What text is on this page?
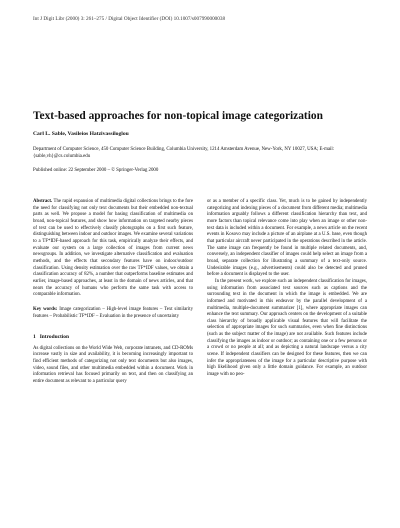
Int J Digit Libr (2000) 3: 261–275 / Digital Object Identifier (DOI) 10.1007/s007990000038
Text-based approaches for non-topical image categorization
Carl L. Sable, Vasileios Hatzivassiloglou
Department of Computer Science, 450 Computer Science Building, Columbia University, 1214 Amsterdam Avenue, New-York, NY 10027, USA; E-mail: {sable,vh}@cs.columbia.edu
Published online: 22 September 2000 – © Springer-Verlag 2000

Abstract. The rapid expansion of multimedia digital collections brings to the fore the need for classifying not only text documents but their embedded non-textual parts as well. We propose a model for basing classification of multimedia on broad, non-topical features, and show how information on targeted nearby pieces of text can be used to effectively classify photographs on a first such feature, distinguishing between indoor and outdoor images. We examine several variations to a TF*IDF-based approach for this task, empirically analyze their effects, and evaluate our system on a large collection of images from current news newsgroups. In addition, we investigate alternative classification and evaluation methods, and the effects that secondary features have on indoor/outdoor classification. Using density estimation over the raw TF*IDF values, we obtain a classification accuracy of 82%, a number that outperforms baseline estimates and earlier, image-based approaches, at least in the domain of news articles, and that nears the accuracy of humans who perform the same task with access to comparable information.

Key words: Image categorization – High-level image features – Text similarity features – Probabilistic TF*IDF – Evaluation in the presence of uncertainty

1 Introduction

As digital collections on the World Wide Web, corporate intranets, and CD-ROMs increase vastly in size and availability, it is becoming increasingly important to find efficient methods of categorizing not only text documents but also images, video, sound files, and other multimedia embedded within a document. Work in information retrieval has focused primarily on text, and then on classifying an entire document as relevant to a particular query

or as a member of a specific class. Yet, much is to be gained by independently categorizing and indexing pieces of a document from different media; multimedia information arguably follows a different classification hierarchy than text, and more factors than topical relevance come into play when an image or other non-text data is included within a document. For example, a news article on the recent events in Kosovo may include a picture of an airplane at a U.S. base, even though that particular aircraft never participated in the operations described in the article. The same image can frequently be found in multiple related documents, and, conversely, an independent classifier of images could help select an image from a broad, separate collection for illustrating a summary of a text-only source. Undesirable images (e.g., advertisements) could also be detected and pruned before a document is displayed to the user.

In the present work, we explore such an independent classification for images, using information from associated text sources such as captions and the surrounding text in the document in which the image is embedded. We are informed and motivated in this endeavor by the parallel development of a multimedia, multiple-document summarizer [1], where appropriate images can enhance the text summary. Our approach centers on the development of a suitable class hierarchy of broadly applicable visual features that will facilitate the selection of appropriate images for such summaries, even when fine distinctions (such as the subject matter of the image) are not available. Such features include classifying the images as indoor or outdoor; as containing one or a few persons or a crowd or no people at all; and as depicting a natural landscape versus a city scene. If independent classifiers can be designed for these features, then we can infer the appropriateness of the image for a particular descriptive purpose with high likelihood given only a little domain guidance. For example, an outdoor image with no peo-
